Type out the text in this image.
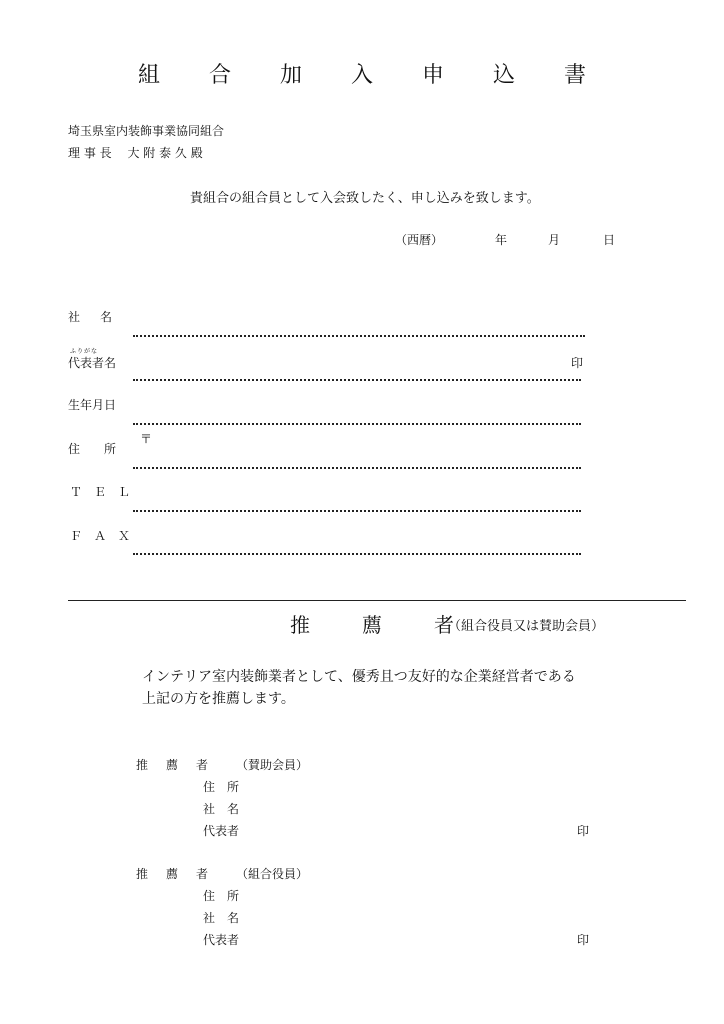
組 合 加 入 申 込 書
埼玉県室内装飾事業協同組合
理 事 長　 大 附 泰 久 殿
貴組合の組合員として入会致したく、申し込みを致します。
（西暦）	年	月	日
社　名
ふりがな
代表者名	印
生年月日
住　所
〒
ＴＥＬ
ＦＡＸ
推　　薦　　者
（組合役員又は賛助会員）
インテリア室内装飾業者として、優秀且つ友好的な企業経営者である
上記の方を推薦します。
推　薦　者 （賛助会員）
住　所
社　名
代表者	印
推　薦　者 （組合役員）
住　所
社　名
代表者	印
